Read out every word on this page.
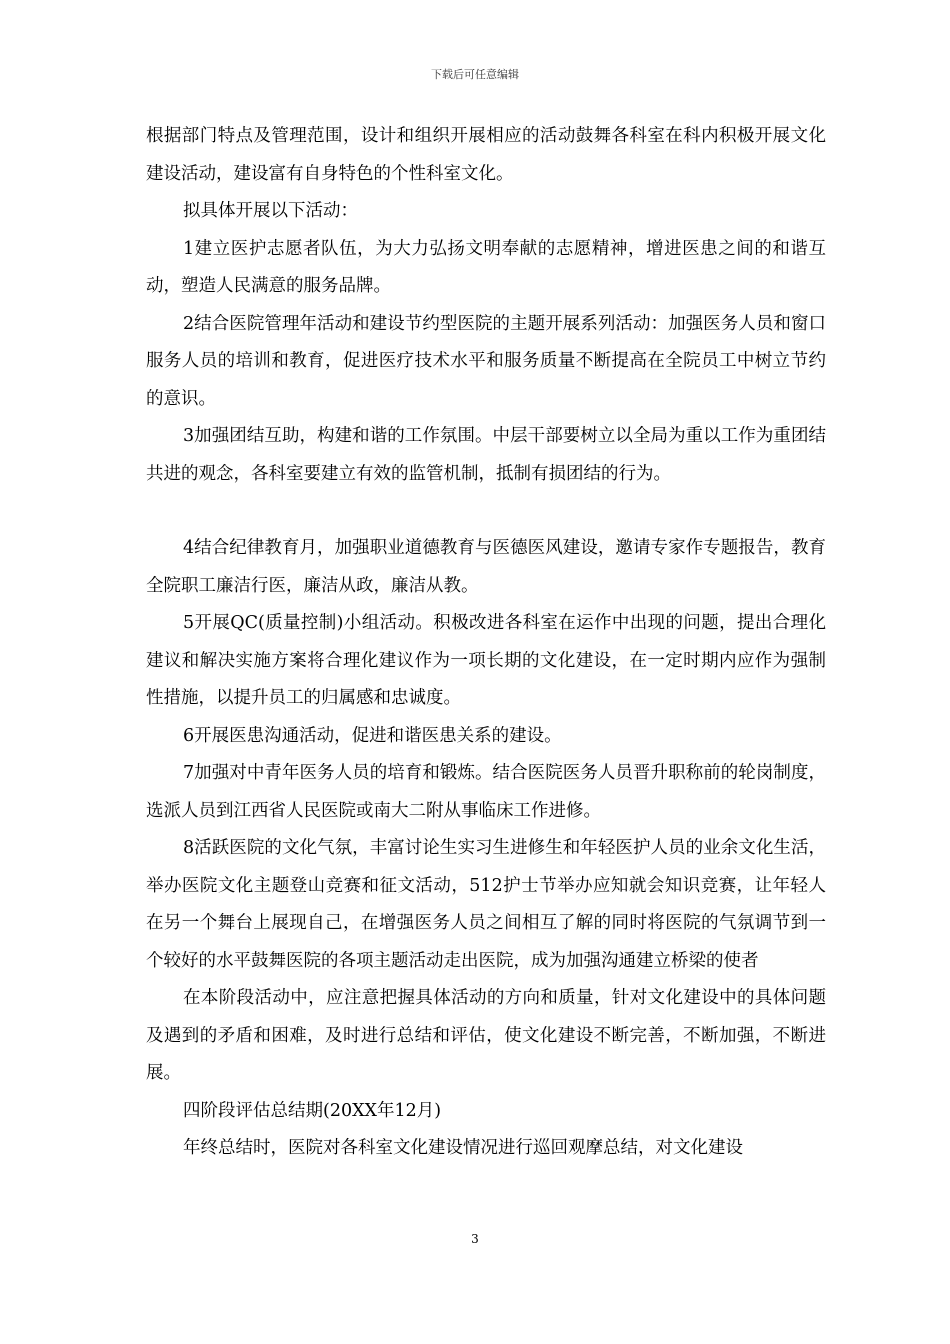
下载后可任意编辑

根据部门特点及管理范围，设计和组织开展相应的活动鼓舞各科室在科内积极开展文化建设活动，建设富有自身特色的个性科室文化。

拟具体开展以下活动：

1建立医护志愿者队伍，为大力弘扬文明奉献的志愿精神，增进医患之间的和谐互动，塑造人民满意的服务品牌。

2结合医院管理年活动和建设节约型医院的主题开展系列活动：加强医务人员和窗口服务人员的培训和教育，促进医疗技术水平和服务质量不断提高在全院员工中树立节约的意识。

3加强团结互助，构建和谐的工作氛围。中层干部要树立以全局为重以工作为重团结共进的观念，各科室要建立有效的监管机制，抵制有损团结的行为。

4结合纪律教育月，加强职业道德教育与医德医风建设，邀请专家作专题报告，教育全院职工廉洁行医，廉洁从政，廉洁从教。

5开展QC(质量控制)小组活动。积极改进各科室在运作中出现的问题，提出合理化建议和解决实施方案将合理化建议作为一项长期的文化建设，在一定时期内应作为强制性措施，以提升员工的归属感和忠诚度。

6开展医患沟通活动，促进和谐医患关系的建设。

7加强对中青年医务人员的培育和锻炼。结合医院医务人员晋升职称前的轮岗制度，选派人员到江西省人民医院或南大二附从事临床工作进修。

8活跃医院的文化气氛，丰富讨论生实习生进修生和年轻医护人员的业余文化生活，举办医院文化主题登山竞赛和征文活动，512护士节举办应知就会知识竞赛，让年轻人在另一个舞台上展现自己，在增强医务人员之间相互了解的同时将医院的气氛调节到一个较好的水平鼓舞医院的各项主题活动走出医院，成为加强沟通建立桥梁的使者

在本阶段活动中，应注意把握具体活动的方向和质量，针对文化建设中的具体问题及遇到的矛盾和困难，及时进行总结和评估，使文化建设不断完善，不断加强，不断进展。

四阶段评估总结期(20XX年12月)

年终总结时，医院对各科室文化建设情况进行巡回观摩总结，对文化建设

3
